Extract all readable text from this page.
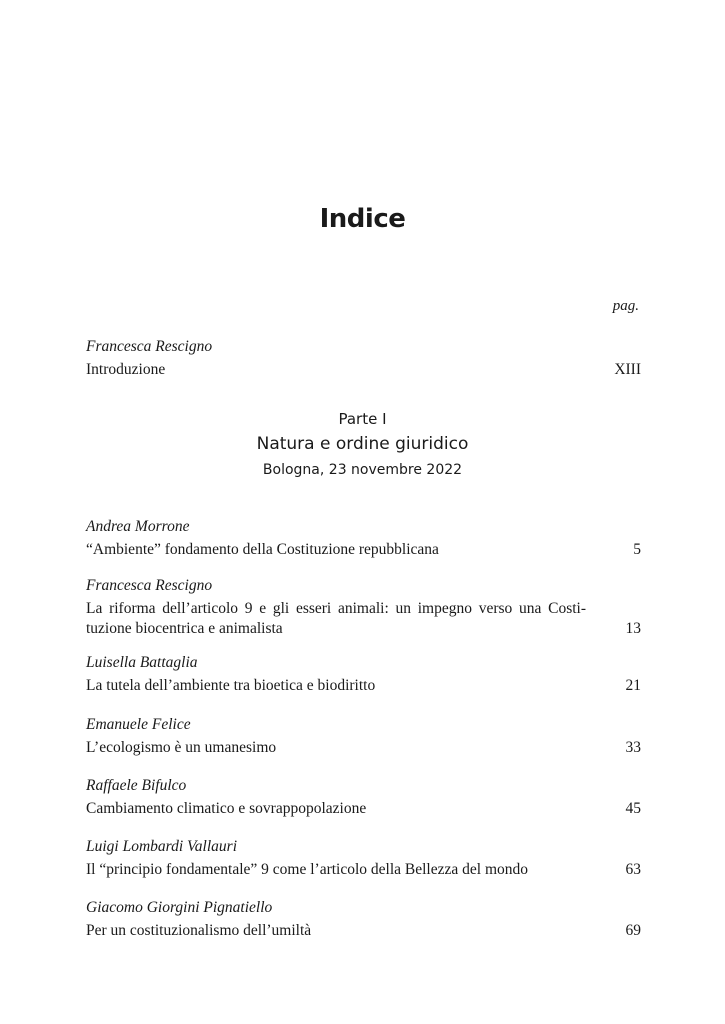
Indice
pag.
Francesca Rescigno
Introduzione	XIII
Parte I
Natura e ordine giuridico
Bologna, 23 novembre 2022
Andrea Morrone
“Ambiente” fondamento della Costituzione repubblicana	5
Francesca Rescigno
La riforma dell’articolo 9 e gli esseri animali: un impegno verso una Costi-
tuzione biocentrica e animalista	13
Luisella Battaglia
La tutela dell’ambiente tra bioetica e biodiritto	21
Emanuele Felice
L’ecologismo è un umanesimo	33
Raffaele Bifulco
Cambiamento climatico e sovrappopolazione	45
Luigi Lombardi Vallauri
Il “principio fondamentale” 9 come l’articolo della Bellezza del mondo	63
Giacomo Giorgini Pignatiello
Per un costituzionalismo dell’umiltà	69
